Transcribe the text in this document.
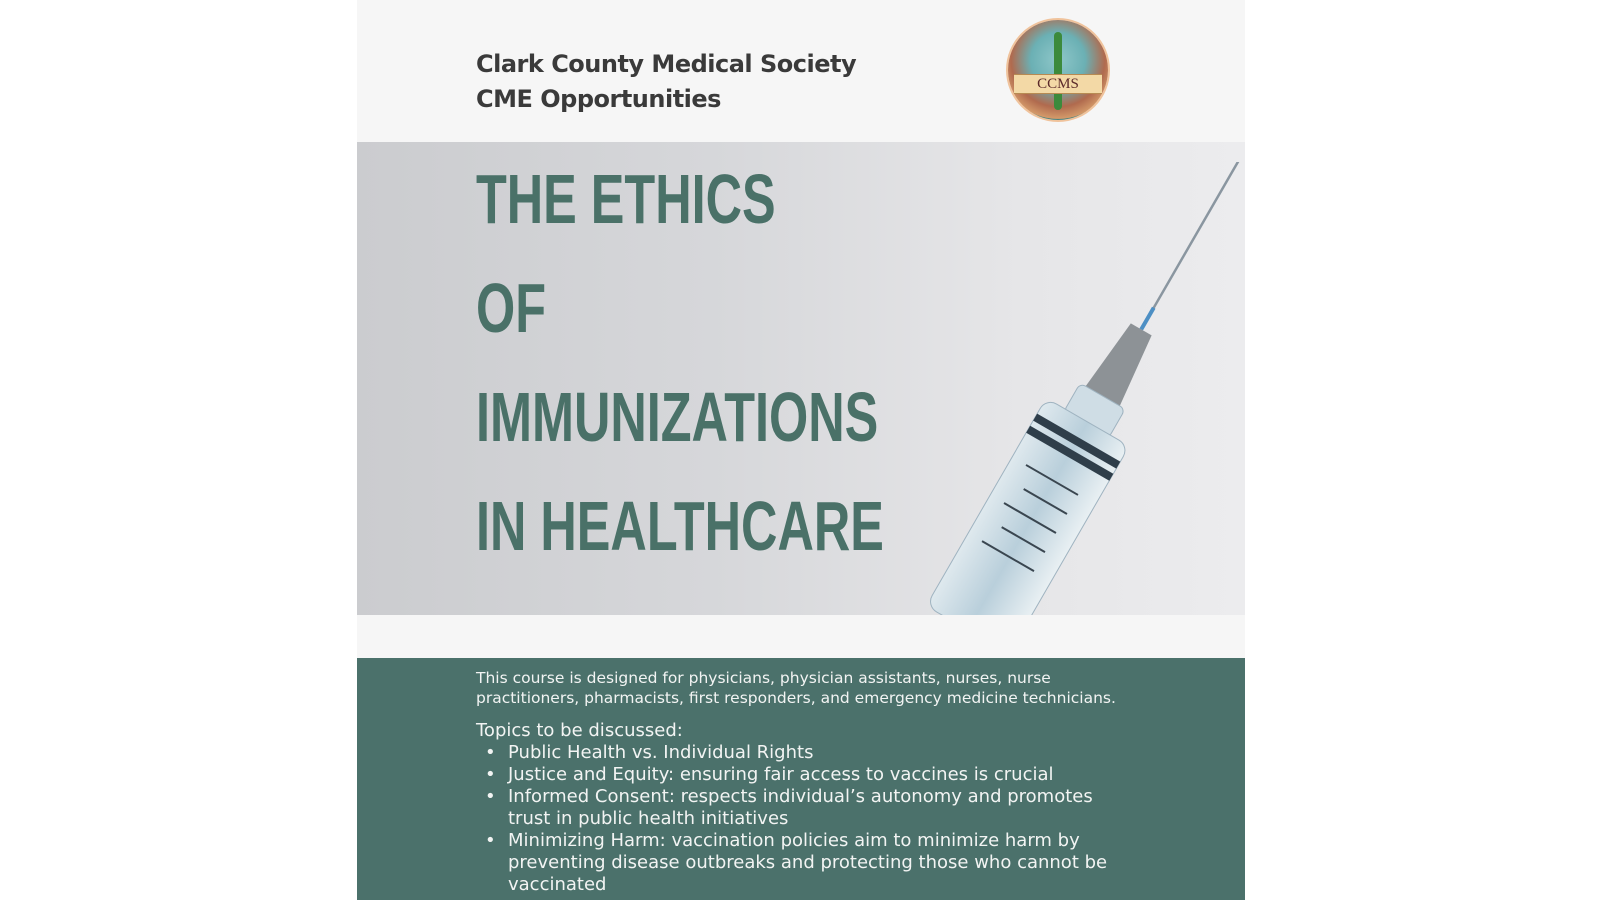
Clark County Medical Society
CME Opportunities
CCMS
THE ETHICS
OF
IMMUNIZATIONS
IN HEALTHCARE
This course is designed for physicians, physician assistants, nurses, nurse practitioners, pharmacists, first responders, and emergency medicine technicians.
Topics to be discussed:
• Public Health vs. Individual Rights
• Justice and Equity: ensuring fair access to vaccines is crucial
• Informed Consent: respects individual’s autonomy and promotes trust in public health initiatives
• Minimizing Harm: vaccination policies aim to minimize harm by preventing disease outbreaks and protecting those who cannot be vaccinated
